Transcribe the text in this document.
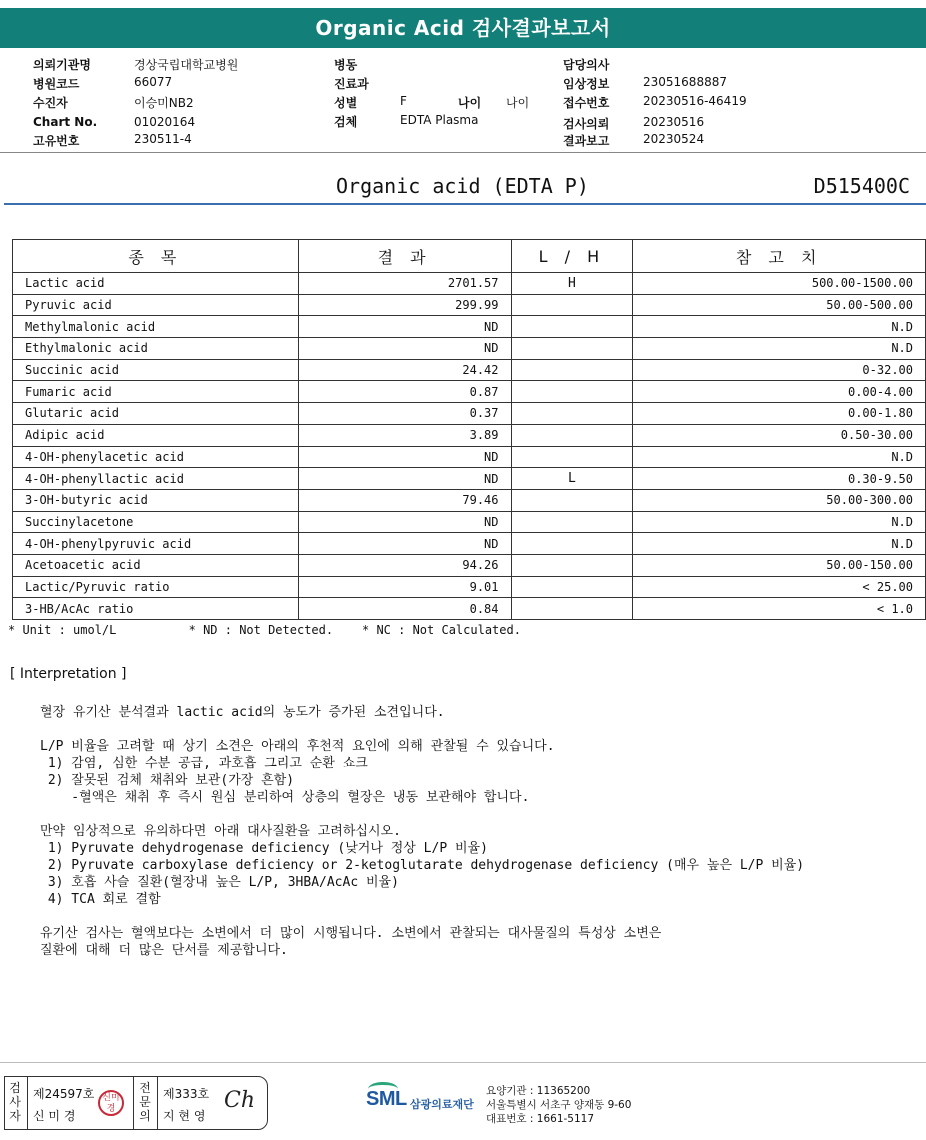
Organic Acid 검사결과보고서
의뢰기관명	경상국립대학교병원
병원코드	66077
수진자	이승미NB2
Chart No.	01020164
고유번호	230511-4
병동
진료과
성별	F	나이 나이
검체	EDTA Plasma
담당의사
임상정보	23051688887
접수번호	20230516-46419
검사의뢰	20230516
결과보고	20230524
Organic acid (EDTA P)	D515400C
종 목	결 과	L / H	참 고 치
Lactic acid	2701.57	H	500.00-1500.00
Pyruvic acid	299.99		50.00-500.00
Methylmalonic acid	ND		N.D
Ethylmalonic acid	ND		N.D
Succinic acid	24.42		0-32.00
Fumaric acid	0.87		0.00-4.00
Glutaric acid	0.37		0.00-1.80
Adipic acid	3.89		0.50-30.00
4-OH-phenylacetic acid	ND		N.D
4-OH-phenyllactic acid	ND	L	0.30-9.50
3-OH-butyric acid	79.46		50.00-300.00
Succinylacetone	ND		N.D
4-OH-phenylpyruvic acid	ND		N.D
Acetoacetic acid	94.26		50.00-150.00
Lactic/Pyruvic ratio	9.01		< 25.00
3-HB/AcAc ratio	0.84		< 1.0
* Unit : umol/L          * ND : Not Detected.    * NC : Not Calculated.
[ Interpretation ]
혈장 유기산 분석결과 lactic acid의 농도가 증가된 소견입니다.
L/P 비율을 고려할 때 상기 소견은 아래의 후천적 요인에 의해 관찰될 수 있습니다.
1) 감염, 심한 수분 공급, 과호흡 그리고 순환 쇼크
2) 잘못된 검체 채취와 보관(가장 흔함)
-혈액은 채취 후 즉시 원심 분리하여 상층의 혈장은 냉동 보관해야 합니다.
만약 임상적으로 유의하다면 아래 대사질환을 고려하십시오.
1) Pyruvate dehydrogenase deficiency (낮거나 정상 L/P 비율)
2) Pyruvate carboxylase deficiency or 2-ketoglutarate dehydrogenase deficiency (매우 높은 L/P 비율)
3) 호흡 사슬 질환(혈장내 높은 L/P, 3HBA/AcAc 비율)
4) TCA 회로 결함
유기산 검사는 혈액보다는 소변에서 더 많이 시행됩니다. 소변에서 관찰되는 대사물질의 특성상 소변은
질환에 대해 더 많은 단서를 제공합니다.
검사자
제24597호
신 미 경
전문의
제333호
지 현 영
신미경	Ch	SML 삼광의료재단
요양기관 : 11365200
서울특별시 서초구 양재동 9-60
대표번호 : 1661-5117
